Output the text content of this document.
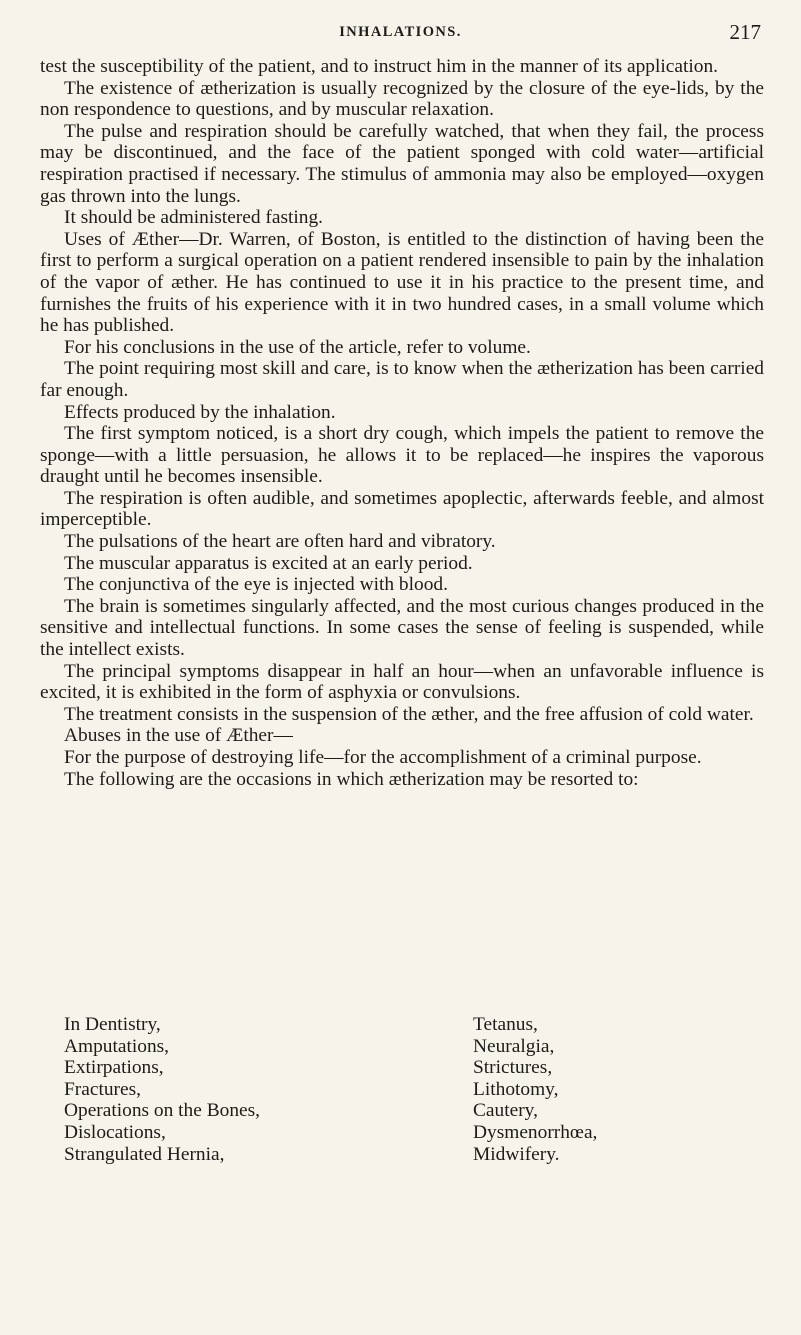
INHALATIONS.	217

test the susceptibility of the patient, and to instruct him in the manner of its application.

The existence of ætherization is usually recognized by the closure of the eye-lids, by the non respondence to questions, and by muscular relaxation.

The pulse and respiration should be carefully watched, that when they fail, the process may be discontinued, and the face of the patient sponged with cold water—artificial respiration practised if necessary. The stimulus of ammonia may also be employed—oxygen gas thrown into the lungs.

It should be administered fasting.

Uses of Æther—Dr. Warren, of Boston, is entitled to the distinction of having been the first to perform a surgical operation on a patient rendered insensible to pain by the inhalation of the vapor of æther. He has continued to use it in his practice to the present time, and furnishes the fruits of his experience with it in two hundred cases, in a small volume which he has published.

For his conclusions in the use of the article, refer to volume.

The point requiring most skill and care, is to know when the ætherization has been carried far enough.

Effects produced by the inhalation.

The first symptom noticed, is a short dry cough, which impels the patient to remove the sponge—with a little persuasion, he allows it to be replaced—he inspires the vaporous draught until he becomes insensible.

The respiration is often audible, and sometimes apoplectic, afterwards feeble, and almost imperceptible.

The pulsations of the heart are often hard and vibratory.

The muscular apparatus is excited at an early period.

The conjunctiva of the eye is injected with blood.

The brain is sometimes singularly affected, and the most curious changes produced in the sensitive and intellectual functions. In some cases the sense of feeling is suspended, while the intellect exists.

The principal symptoms disappear in half an hour—when an unfavorable influence is excited, it is exhibited in the form of asphyxia or convulsions.

The treatment consists in the suspension of the æther, and the free affusion of cold water.

Abuses in the use of Æther—

For the purpose of destroying life—for the accomplishment of a criminal purpose.

The following are the occasions in which ætherization may be resorted to:

In Dentistry,
Amputations,
Extirpations,
Fractures,
Operations on the Bones,
Dislocations,
Strangulated Hernia,
Tetanus,
Neuralgia,
Strictures,
Lithotomy,
Cautery,
Dysmenorrhœa,
Midwifery.
